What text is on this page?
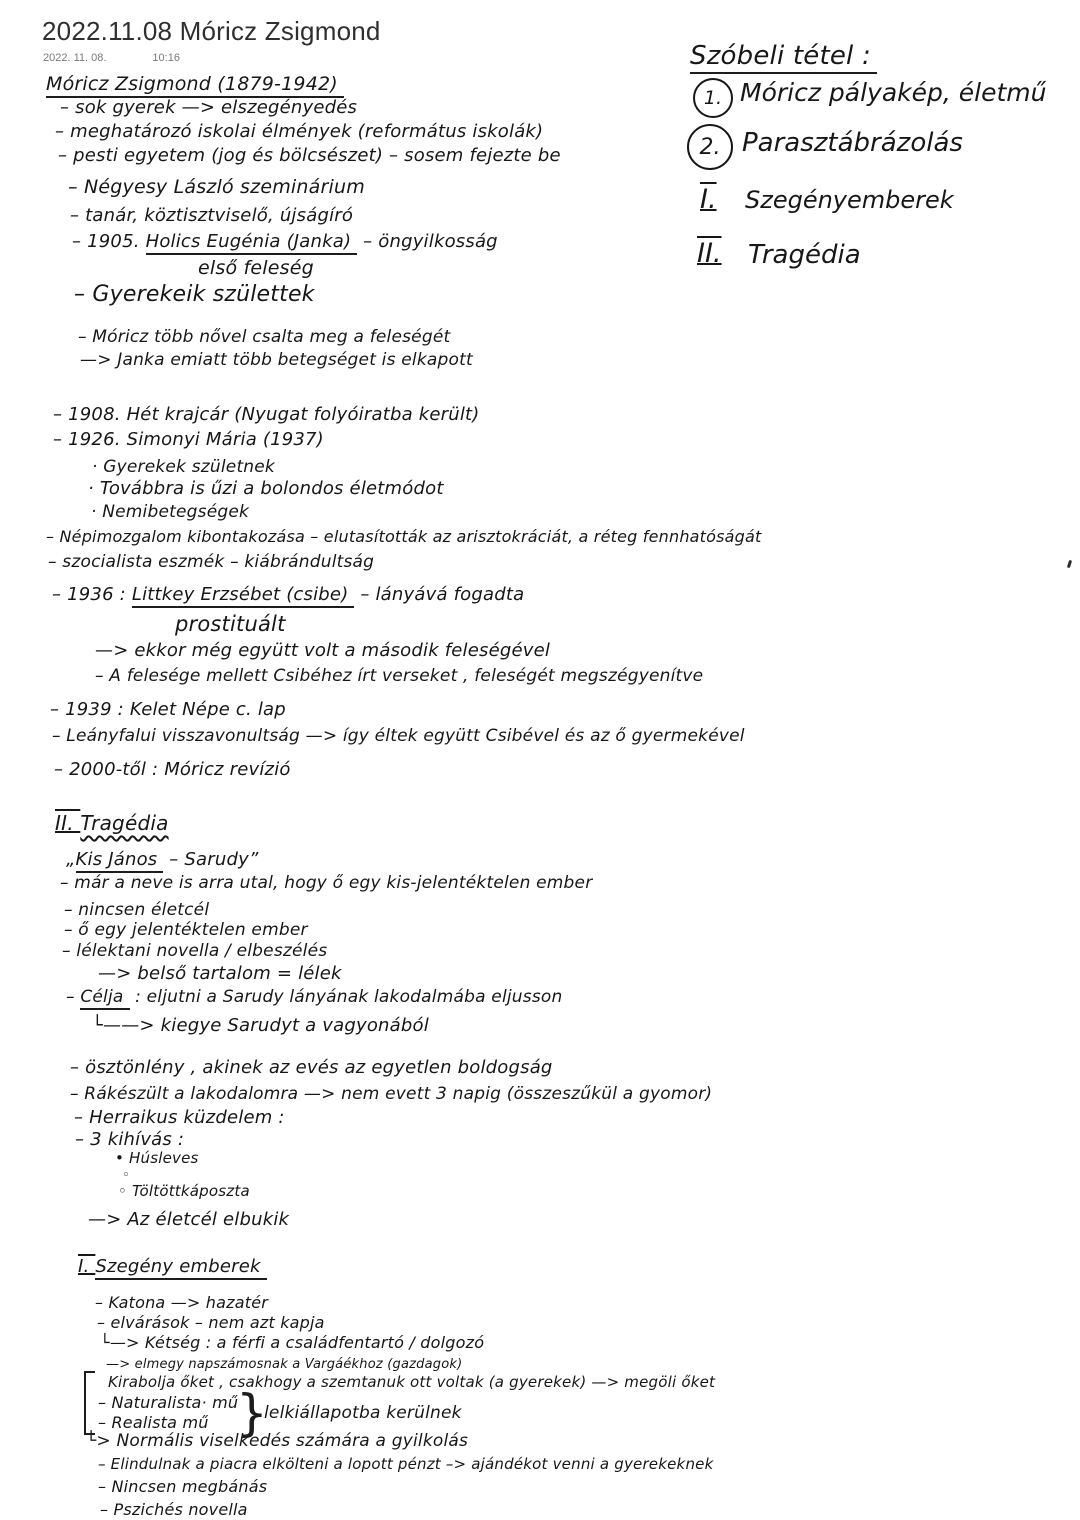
2022.11.08 Móricz Zsigmond
2022. 11. 08.	10:16
Móricz Zsigmond (1879-1942)
– sok gyerek —> elszegényedés
– meghatározó iskolai élmények (református iskolák)
– pesti egyetem (jog és bölcsészet) – sosem fejezte be
– Négyesy László szeminárium
– tanár, köztisztviselő, újságíró
– 1905. Holics Eugénia (Janka) – öngyilkosság
első feleség
– Gyerekeik születtek
– Móricz több nővel csalta meg a feleségét
—> Janka emiatt több betegséget is elkapott
– 1908. Hét krajcár (Nyugat folyóiratba került)
– 1926. Simonyi Mária (1937)
· Gyerekek születnek
· Továbbra is űzi a bolondos életmódot
· Nemibetegségek
– Népimozgalom kibontakozása – elutasították az arisztokráciát, a réteg fennhatóságát
– szocialista eszmék – kiábrándultság
– 1936 : Littkey Erzsébet (csibe) – lányává fogadta
prostituált
—> ekkor még együtt volt a második feleségével
– A felesége mellett Csibéhez írt verseket , feleségét megszégyenítve
– 1939 : Kelet Népe c. lap
– Leányfalui visszavonultság —> így éltek együtt Csibével és az ő gyermekével
– 2000-től : Móricz revízió
II. Tragédia
„Kis János – Sarudy”
– már a neve is arra utal, hogy ő egy kis-jelentéktelen ember
– nincsen életcél
– ő egy jelentéktelen ember
– lélektani novella / elbeszélés
—> belső tartalom = lélek
– Célja : eljutni a Sarudy lányának lakodalmába eljusson
└——> kiegye Sarudyt a vagyonából
– ösztönlény , akinek az evés az egyetlen boldogság
– Rákészült a lakodalomra —> nem evett 3 napig (összeszűkül a gyomor)
– Herraikus küzdelem :
– 3 kihívás :
• Húsleves
◦
◦ Töltöttkáposzta
—> Az életcél elbukik
I. Szegény emberek
– Katona —> hazatér
– elvárások – nem azt kapja
└—> Kétség : a férfi a családfentartó / dolgozó
—> elmegy napszámosnak a Vargáékhoz (gazdagok)
Kirabolja őket , csakhogy a szemtanuk ott voltak (a gyerekek) —> megöli őket
– Naturalista· mű
– Realista mű	lelkiállapotba kerülnek
└> Normális viselkedés számára a gyilkolás
– Elindulnak a piacra elkölteni a lopott pénzt –> ajándékot venni a gyerekeknek
– Nincsen megbánás
– Pszichés novella
Szóbeli tétel :
1. Móricz pályakép, életmű
2. Parasztábrázolás
I. Szegényemberek
II. Tragédia
}
